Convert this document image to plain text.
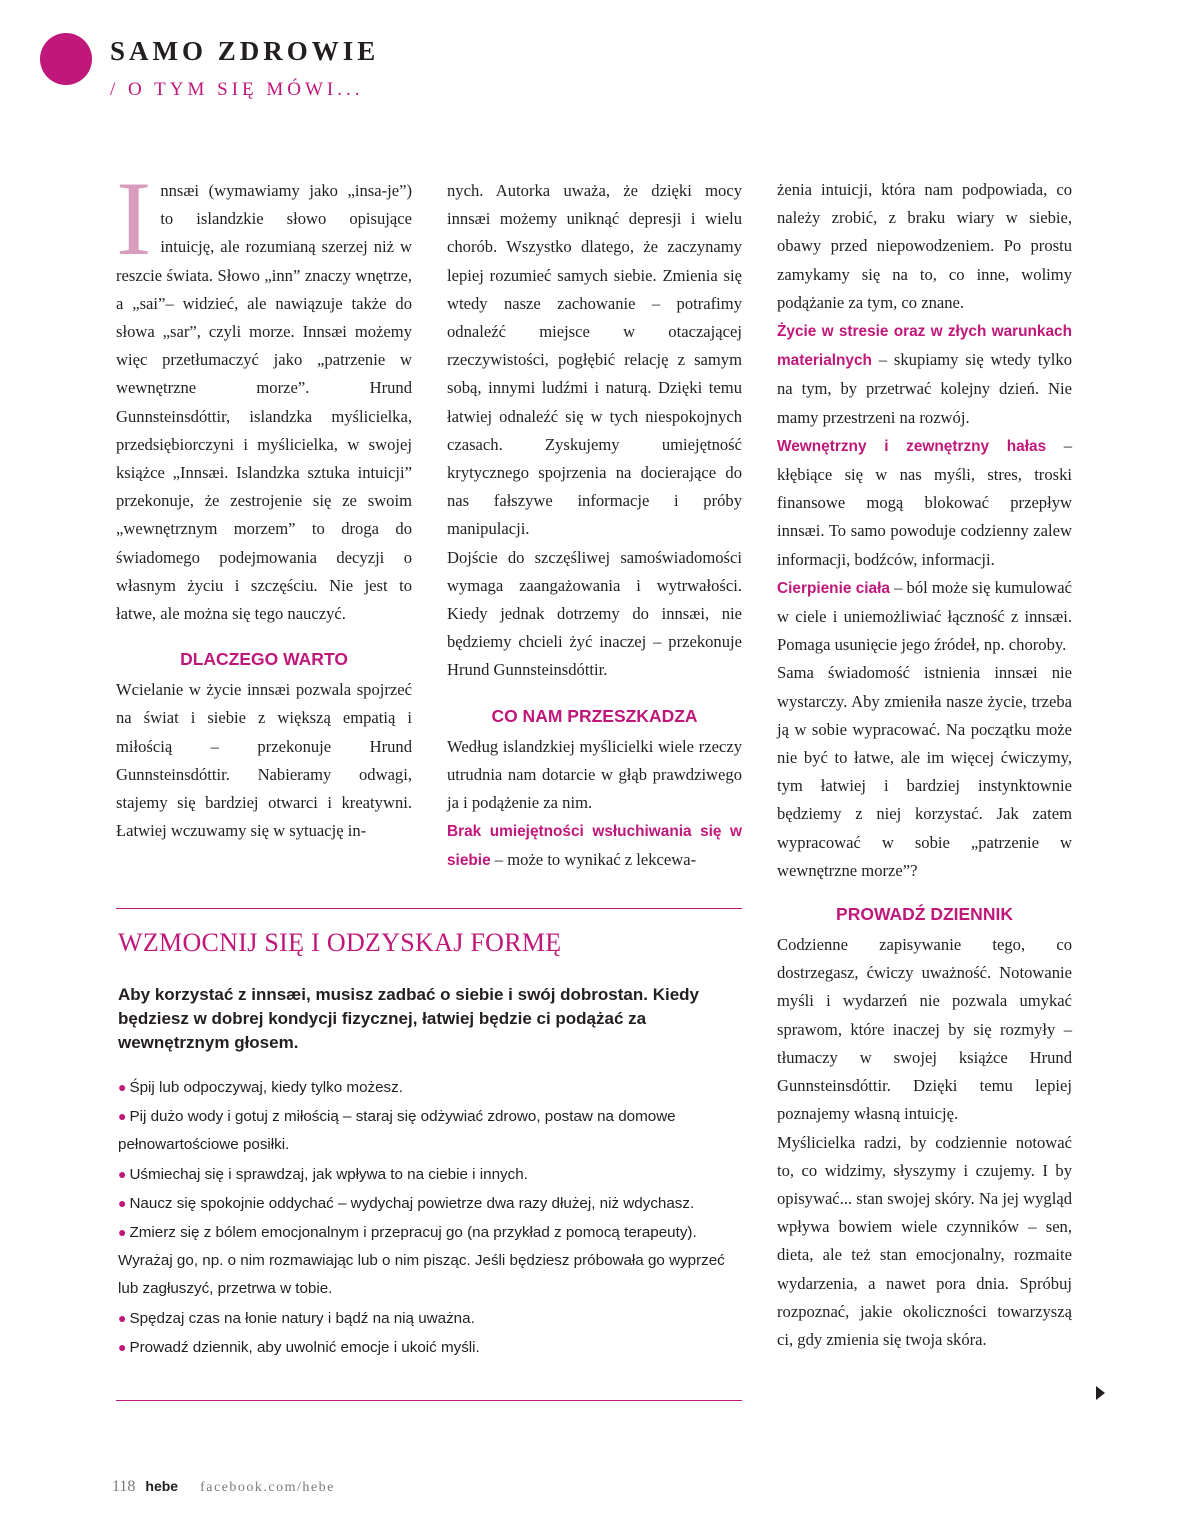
SAMO ZDROWIE
/ O TYM SIĘ MÓWI...

Innsæi (wymawiamy jako „insa-je”) to islandzkie słowo opisujące intuicję, ale rozumianą szerzej niż w reszcie świata. Słowo „inn” znaczy wnętrze, a „sai”– widzieć, ale nawiązuje także do słowa „sar”, czyli morze. Innsæi możemy więc przetłumaczyć jako „patrzenie w wewnętrzne morze”. Hrund Gunnsteinsdóttir, islandzka myślicielka, przedsiębiorczyni i myślicielka, w swojej książce „Innsæi. Islandzka sztuka intuicji” przekonuje, że zestrojenie się ze swoim „wewnętrznym morzem” to droga do świadomego podejmowania decyzji o własnym życiu i szczęściu. Nie jest to łatwe, ale można się tego nauczyć.

DLACZEGO WARTO

Wcielanie w życie innsæi pozwala spojrzeć na świat i siebie z większą empatią i miłością – przekonuje Hrund Gunnsteinsdóttir. Nabieramy odwagi, stajemy się bardziej otwarci i kreatywni. Łatwiej wczuwamy się w sytuację in-

nych. Autorka uważa, że dzięki mocy innsæi możemy uniknąć depresji i wielu chorób. Wszystko dlatego, że zaczynamy lepiej rozumieć samych siebie. Zmienia się wtedy nasze zachowanie – potrafimy odnaleźć miejsce w otaczającej rzeczywistości, pogłębić relację z samym sobą, innymi ludźmi i naturą. Dzięki temu łatwiej odnaleźć się w tych niespokojnych czasach. Zyskujemy umiejętność krytycznego spojrzenia na docierające do nas fałszywe informacje i próby manipulacji.

Dojście do szczęśliwej samoświadomości wymaga zaangażowania i wytrwałości. Kiedy jednak dotrzemy do innsæi, nie będziemy chcieli żyć inaczej – przekonuje Hrund Gunnsteinsdóttir.

CO NAM PRZESZKADZA

Według islandzkiej myślicielki wiele rzeczy utrudnia nam dotarcie w głąb prawdziwego ja i podążenie za nim.

Brak umiejętności wsłuchiwania się w siebie – może to wynikać z lekcewa-

żenia intuicji, która nam podpowiada, co należy zrobić, z braku wiary w siebie, obawy przed niepowodzeniem. Po prostu zamykamy się na to, co inne, wolimy podążanie za tym, co znane.

Życie w stresie oraz w złych warunkach materialnych – skupiamy się wtedy tylko na tym, by przetrwać kolejny dzień. Nie mamy przestrzeni na rozwój.

Wewnętrzny i zewnętrzny hałas – kłębiące się w nas myśli, stres, troski finansowe mogą blokować przepływ innsæi. To samo powoduje codzienny zalew informacji, bodźców, informacji.

Cierpienie ciała – ból może się kumulować w ciele i uniemożliwiać łączność z innsæi. Pomaga usunięcie jego źródeł, np. choroby.

Sama świadomość istnienia innsæi nie wystarczy. Aby zmieniła nasze życie, trzeba ją w sobie wypracować. Na początku może nie być to łatwe, ale im więcej ćwiczymy, tym łatwiej i bardziej instynktownie będziemy z niej korzystać. Jak zatem wypracować w sobie „patrzenie w wewnętrzne morze”?

PROWADŹ DZIENNIK

Codzienne zapisywanie tego, co dostrzegasz, ćwiczy uważność. Notowanie myśli i wydarzeń nie pozwala umykać sprawom, które inaczej by się rozmyły – tłumaczy w swojej książce Hrund Gunnsteinsdóttir. Dzięki temu lepiej poznajemy własną intuicję.

Myślicielka radzi, by codziennie notować to, co widzimy, słyszymy i czujemy. I by opisywać... stan swojej skóry. Na jej wygląd wpływa bowiem wiele czynników – sen, dieta, ale też stan emocjonalny, rozmaite wydarzenia, a nawet pora dnia. Spróbuj rozpoznać, jakie okoliczności towarzyszą ci, gdy zmienia się twoja skóra.

WZMOCNIJ SIĘ I ODZYSKAJ FORMĘ

Aby korzystać z innsæi, musisz zadbać o siebie i swój dobrostan. Kiedy będziesz w dobrej kondycji fizycznej, łatwiej będzie ci podążać za wewnętrznym głosem.

● Śpij lub odpoczywaj, kiedy tylko możesz.
● Pij dużo wody i gotuj z miłością – staraj się odżywiać zdrowo, postaw na domowe pełnowartościowe posiłki.
● Uśmiechaj się i sprawdzaj, jak wpływa to na ciebie i innych.
● Naucz się spokojnie oddychać – wydychaj powietrze dwa razy dłużej, niż wdychasz.
● Zmierz się z bólem emocjonalnym i przepracuj go (na przykład z pomocą terapeuty). Wyrażaj go, np. o nim rozmawiając lub o nim pisząc. Jeśli będziesz próbowała go wyprzeć lub zagłuszyć, przetrwa w tobie.
● Spędzaj czas na łonie natury i bądź na nią uważna.
● Prowadź dziennik, aby uwolnić emocje i ukoić myśli.
118 hebe facebook.com/hebe
